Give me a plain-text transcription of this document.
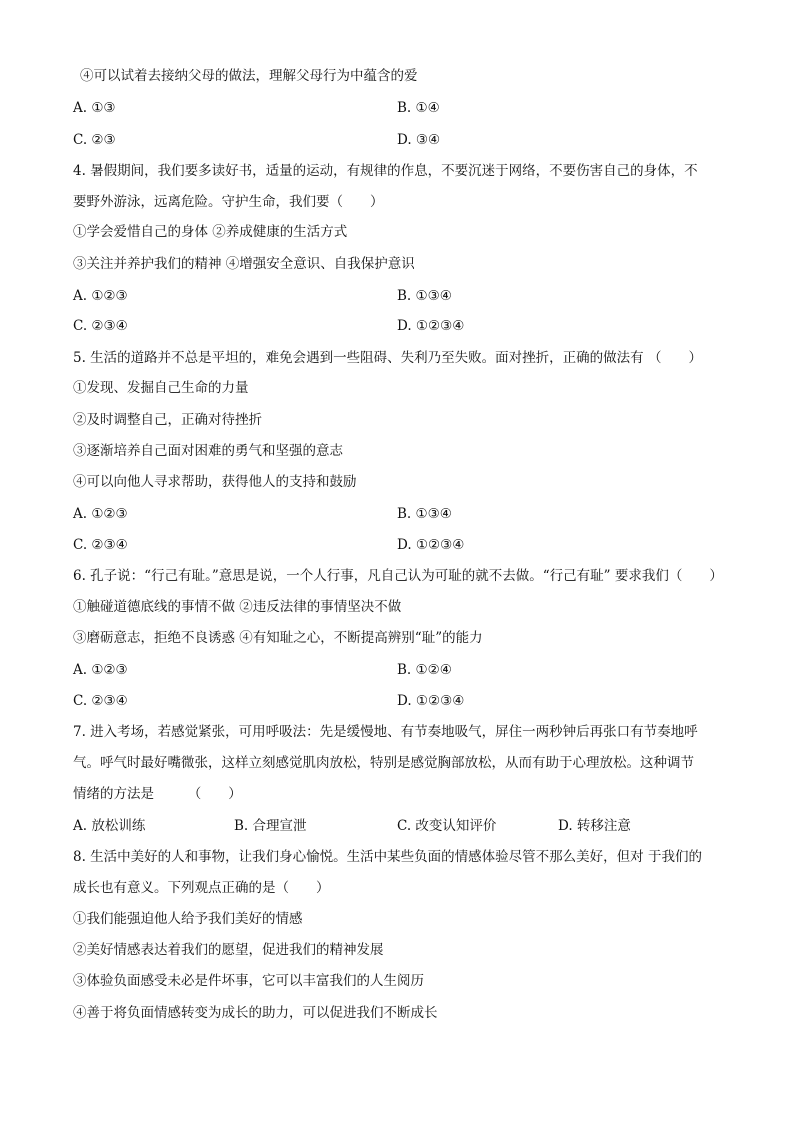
④可以试着去接纳父母的做法，理解父母行为中蕴含的爱
A. ①③	B. ①④
C. ②③	D. ③④
4. 暑假期间，我们要多读好书，适量的运动，有规律的作息，不要沉迷于网络，不要伤害自己的身体，不
要野外游泳，远离危险。守护生命，我们要（　　）
①学会爱惜自己的身体 ②养成健康的生活方式
③关注并养护我们的精神 ④增强安全意识、自我保护意识
A. ①②③	B. ①③④
C. ②③④	D. ①②③④
5. 生活的道路并不总是平坦的，难免会遇到一些阻碍、失利乃至失败。面对挫折，正确的做法有 （　　）
①发现、发掘自己生命的力量
②及时调整自己，正确对待挫折
③逐渐培养自己面对困难的勇气和坚强的意志
④可以向他人寻求帮助，获得他人的支持和鼓励
A. ①②③	B. ①③④
C. ②③④	D. ①②③④
6. 孔子说：“行己有耻。”意思是说，一个人行事，凡自己认为可耻的就不去做。“行己有耻” 要求我们（　　）
①触碰道德底线的事情不做 ②违反法律的事情坚决不做
③磨砺意志，拒绝不良诱惑 ④有知耻之心，不断提高辨别“耻”的能力
A. ①②③	B. ①②④
C. ②③④	D. ①②③④
7. 进入考场，若感觉紧张，可用呼吸法：先是缓慢地、有节奏地吸气，屏住一两秒钟后再张口有节奏地呼
气。呼气时最好嘴微张，这样立刻感觉肌肉放松，特别是感觉胸部放松，从而有助于心理放松。这种调节
情绪的方法是　　　（　　）
A. 放松训练	B. 合理宣泄	C. 改变认知评价	D. 转移注意
8. 生活中美好的人和事物，让我们身心愉悦。生活中某些负面的情感体验尽管不那么美好，但对 于我们的
成长也有意义。下列观点正确的是（　　）
①我们能强迫他人给予我们美好的情感
②美好情感表达着我们的愿望，促进我们的精神发展
③体验负面感受未必是件坏事，它可以丰富我们的人生阅历
④善于将负面情感转变为成长的助力，可以促进我们不断成长
